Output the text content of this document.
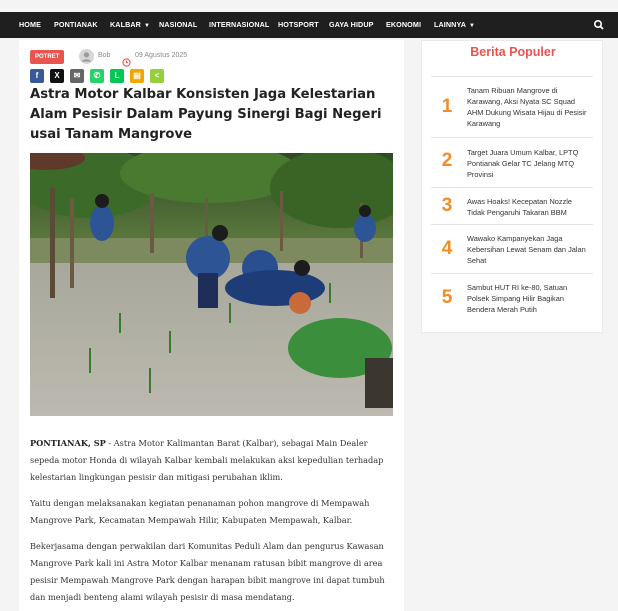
HOME PONTIANAK KALBAR ▼ NASIONAL INTERNASIONAL HOTSPORT GAYA HIDUP EKONOMI LAINNYA ▼
POTRET	Bob	09 Agustus 2025
f	X	✉	✆	L	▤	<
Astra Motor Kalbar Konsisten Jaga Kelestarian Alam Pesisir Dalam Payung Sinergi Bagi Negeri usai Tanam Mangrove
PONTIANAK, SP - Astra Motor Kalimantan Barat (Kalbar), sebagai Main Dealer sepeda motor Honda di wilayah Kalbar kembali melakukan aksi kepedulian terhadap kelestarian lingkungan pesisir dan mitigasi perubahan iklim.
Yaitu dengan melaksanakan kegiatan penanaman pohon mangrove di Mempawah Mangrove Park, Kecamatan Mempawah Hilir, Kabupaten Mempawah, Kalbar.
Bekerjasama dengan perwakilan dari Komunitas Peduli Alam dan pengurus Kawasan Mangrove Park kali ini Astra Motor Kalbar menanam ratusan bibit mangrove di area pesisir Mempawah Mangrove Park dengan harapan bibit mangrove ini dapat tumbuh dan menjadi benteng alami wilayah pesisir di masa mendatang.
Berita Populer
1
Tanam Ribuan Mangrove di Karawang, Aksi Nyata SC Squad AHM Dukung Wisata Hijau di Pesisir Karawang
2 Target Juara Umum Kalbar, LPTQ Pontianak Gelar TC Jelang MTQ Provinsi
3 Awas Hoaks! Kecepatan Nozzle Tidak Pengaruhi Takaran BBM
4 Wawako Kampanyekan Jaga Kebersihan Lewat Senam dan Jalan Sehat
5 Sambut HUT RI ke-80, Satuan Polsek Simpang Hilir Bagikan Bendera Merah Putih
